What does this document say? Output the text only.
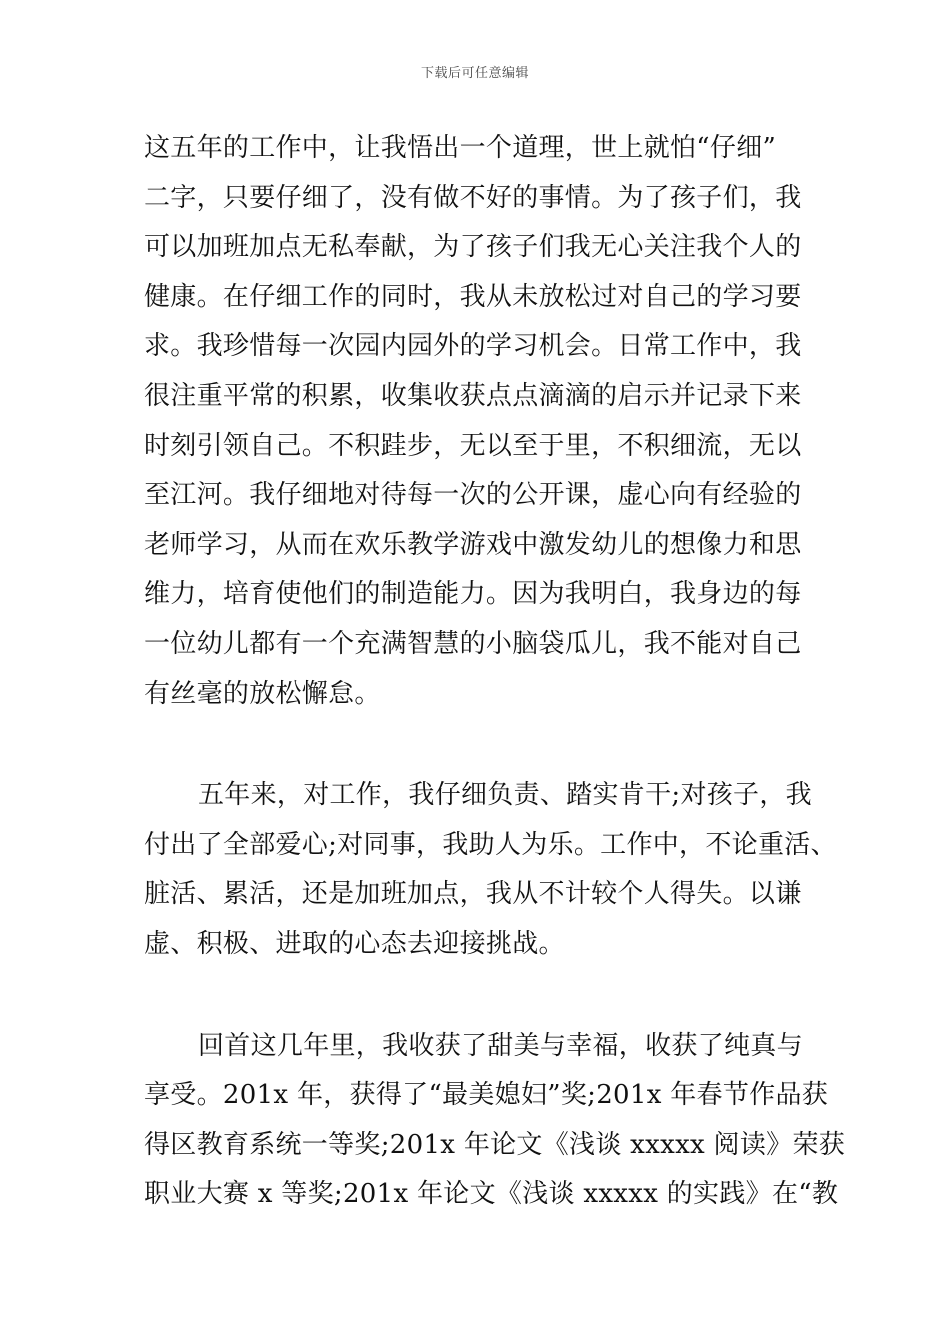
下载后可任意编辑
这五年的工作中，让我悟出一个道理，世上就怕“仔细”
二字，只要仔细了，没有做不好的事情。为了孩子们，我
可以加班加点无私奉献，为了孩子们我无心关注我个人的
健康。在仔细工作的同时，我从未放松过对自己的学习要
求。我珍惜每一次园内园外的学习机会。日常工作中，我
很注重平常的积累，收集收获点点滴滴的启示并记录下来
时刻引领自己。不积跬步，无以至于里，不积细流，无以
至江河。我仔细地对待每一次的公开课，虚心向有经验的
老师学习，从而在欢乐教学游戏中激发幼儿的想像力和思
维力，培育使他们的制造能力。因为我明白，我身边的每
一位幼儿都有一个充满智慧的小脑袋瓜儿，我不能对自己
有丝毫的放松懈怠。
五年来，对工作，我仔细负责、踏实肯干;对孩子，我
付出了全部爱心;对同事，我助人为乐。工作中，不论重活、
脏活、累活，还是加班加点，我从不计较个人得失。以谦
虚、积极、进取的心态去迎接挑战。
回首这几年里，我收获了甜美与幸福，收获了纯真与
享受。201x 年，获得了“最美媳妇”奖;201x 年春节作品获
得区教育系统一等奖;201x 年论文《浅谈 xxxxx 阅读》荣获
职业大赛 x 等奖;201x 年论文《浅谈 xxxxx 的实践》在“教
